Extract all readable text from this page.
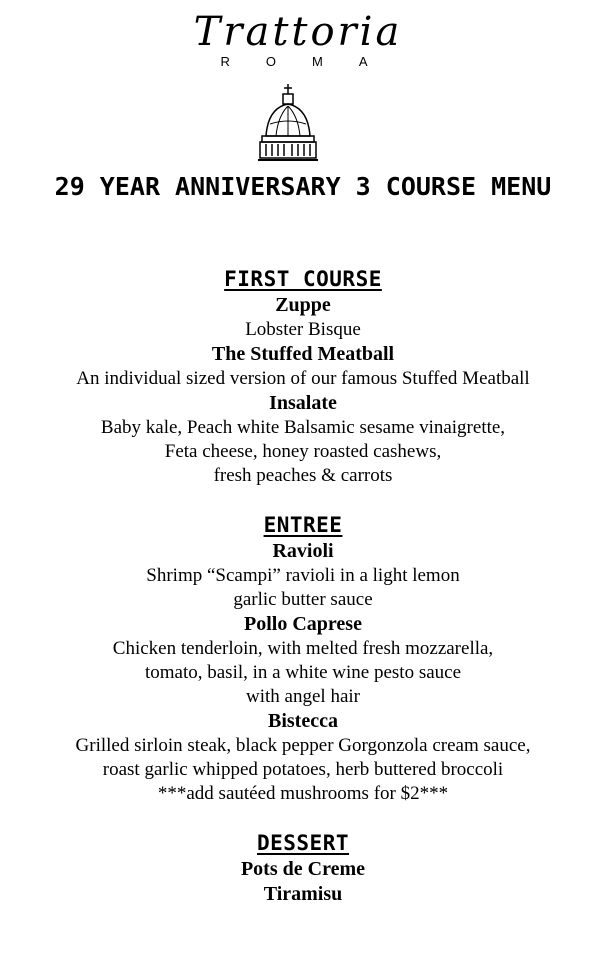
Trattoria
R O M A
29 YEAR ANNIVERSARY 3 COURSE MENU
FIRST COURSE
Zuppe
Lobster Bisque
The Stuffed Meatball
An individual sized version of our famous Stuffed Meatball
Insalate
Baby kale, Peach white Balsamic sesame vinaigrette,
Feta cheese, honey roasted cashews,
fresh peaches & carrots
ENTREE
Ravioli
Shrimp “Scampi” ravioli in a light lemon
garlic butter sauce
Pollo Caprese
Chicken tenderloin, with melted fresh mozzarella,
tomato, basil, in a white wine pesto sauce
with angel hair
Bistecca
Grilled sirloin steak, black pepper Gorgonzola cream sauce,
roast garlic whipped potatoes, herb buttered broccoli
***add sautéed mushrooms for $2***
DESSERT
Pots de Creme
Tiramisu
